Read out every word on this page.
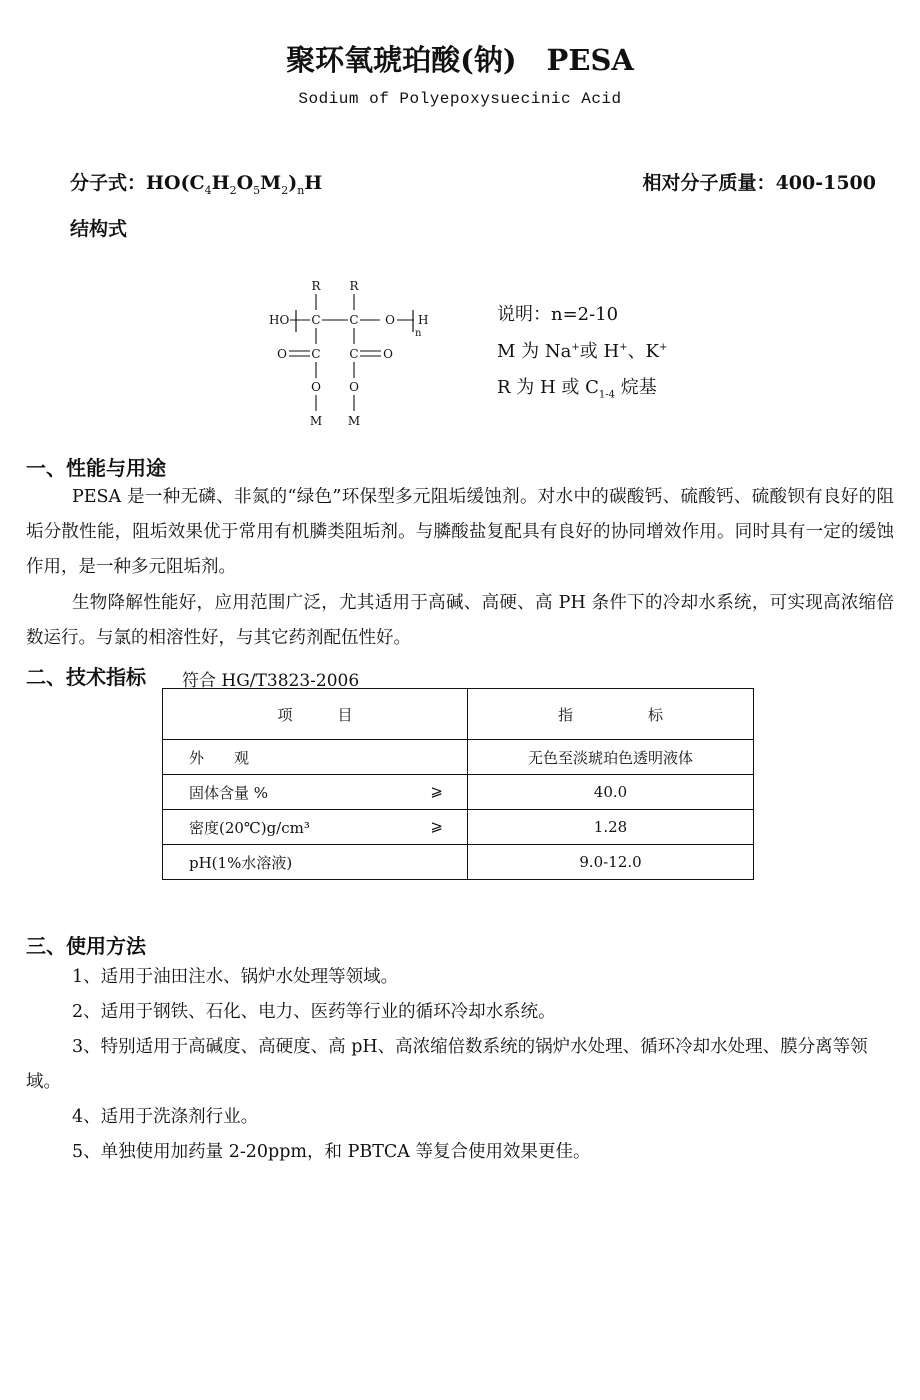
聚环氧琥珀酸(钠) PESA
Sodium of Polyepoxysuecinic Acid
分子式：$HO(C_4H_2O_5M_2)_nH$	相对分子质量：400-1500
结构式
R R
HO C C O
n
H
O C C O
O O
M M
说明：n=2-10
M 为 Na+或 H+、K+
R 为 H 或 $C_{1-4}$ 烷基
一、性能与用途

PESA 是一种无磷、非氮的“绿色”环保型多元阻垢缓蚀剂。对水中的碳酸钙、硫酸钙、硫酸钡有良好的阻垢分散性能，阻垢效果优于常用有机膦类阻垢剂。与膦酸盐复配具有良好的协同增效作用。同时具有一定的缓蚀作用，是一种多元阻垢剂。

生物降解性能好，应用范围广泛，尤其适用于高碱、高硬、高 PH 条件下的冷却水系统，可实现高浓缩倍数运行。与氯的相溶性好，与其它药剂配伍性好。

二、技术指标 符合 HG/T3823-2006
项　　　目	指　　　　　标
外　　观	无色至淡琥珀色透明液体
固体含量 % ⩾	40.0
密度(20℃)g/cm³ ⩾	1.28
pH(1%水溶液)	9.0-12.0
三、使用方法

1、适用于油田注水、锅炉水处理等领域。

2、适用于钢铁、石化、电力、医药等行业的循环冷却水系统。

3、特别适用于高碱度、高硬度、高 pH、高浓缩倍数系统的锅炉水处理、循环冷却水处理、膜分离等领域。

4、适用于洗涤剂行业。

5、单独使用加药量 2-20ppm，和 PBTCA 等复合使用效果更佳。
